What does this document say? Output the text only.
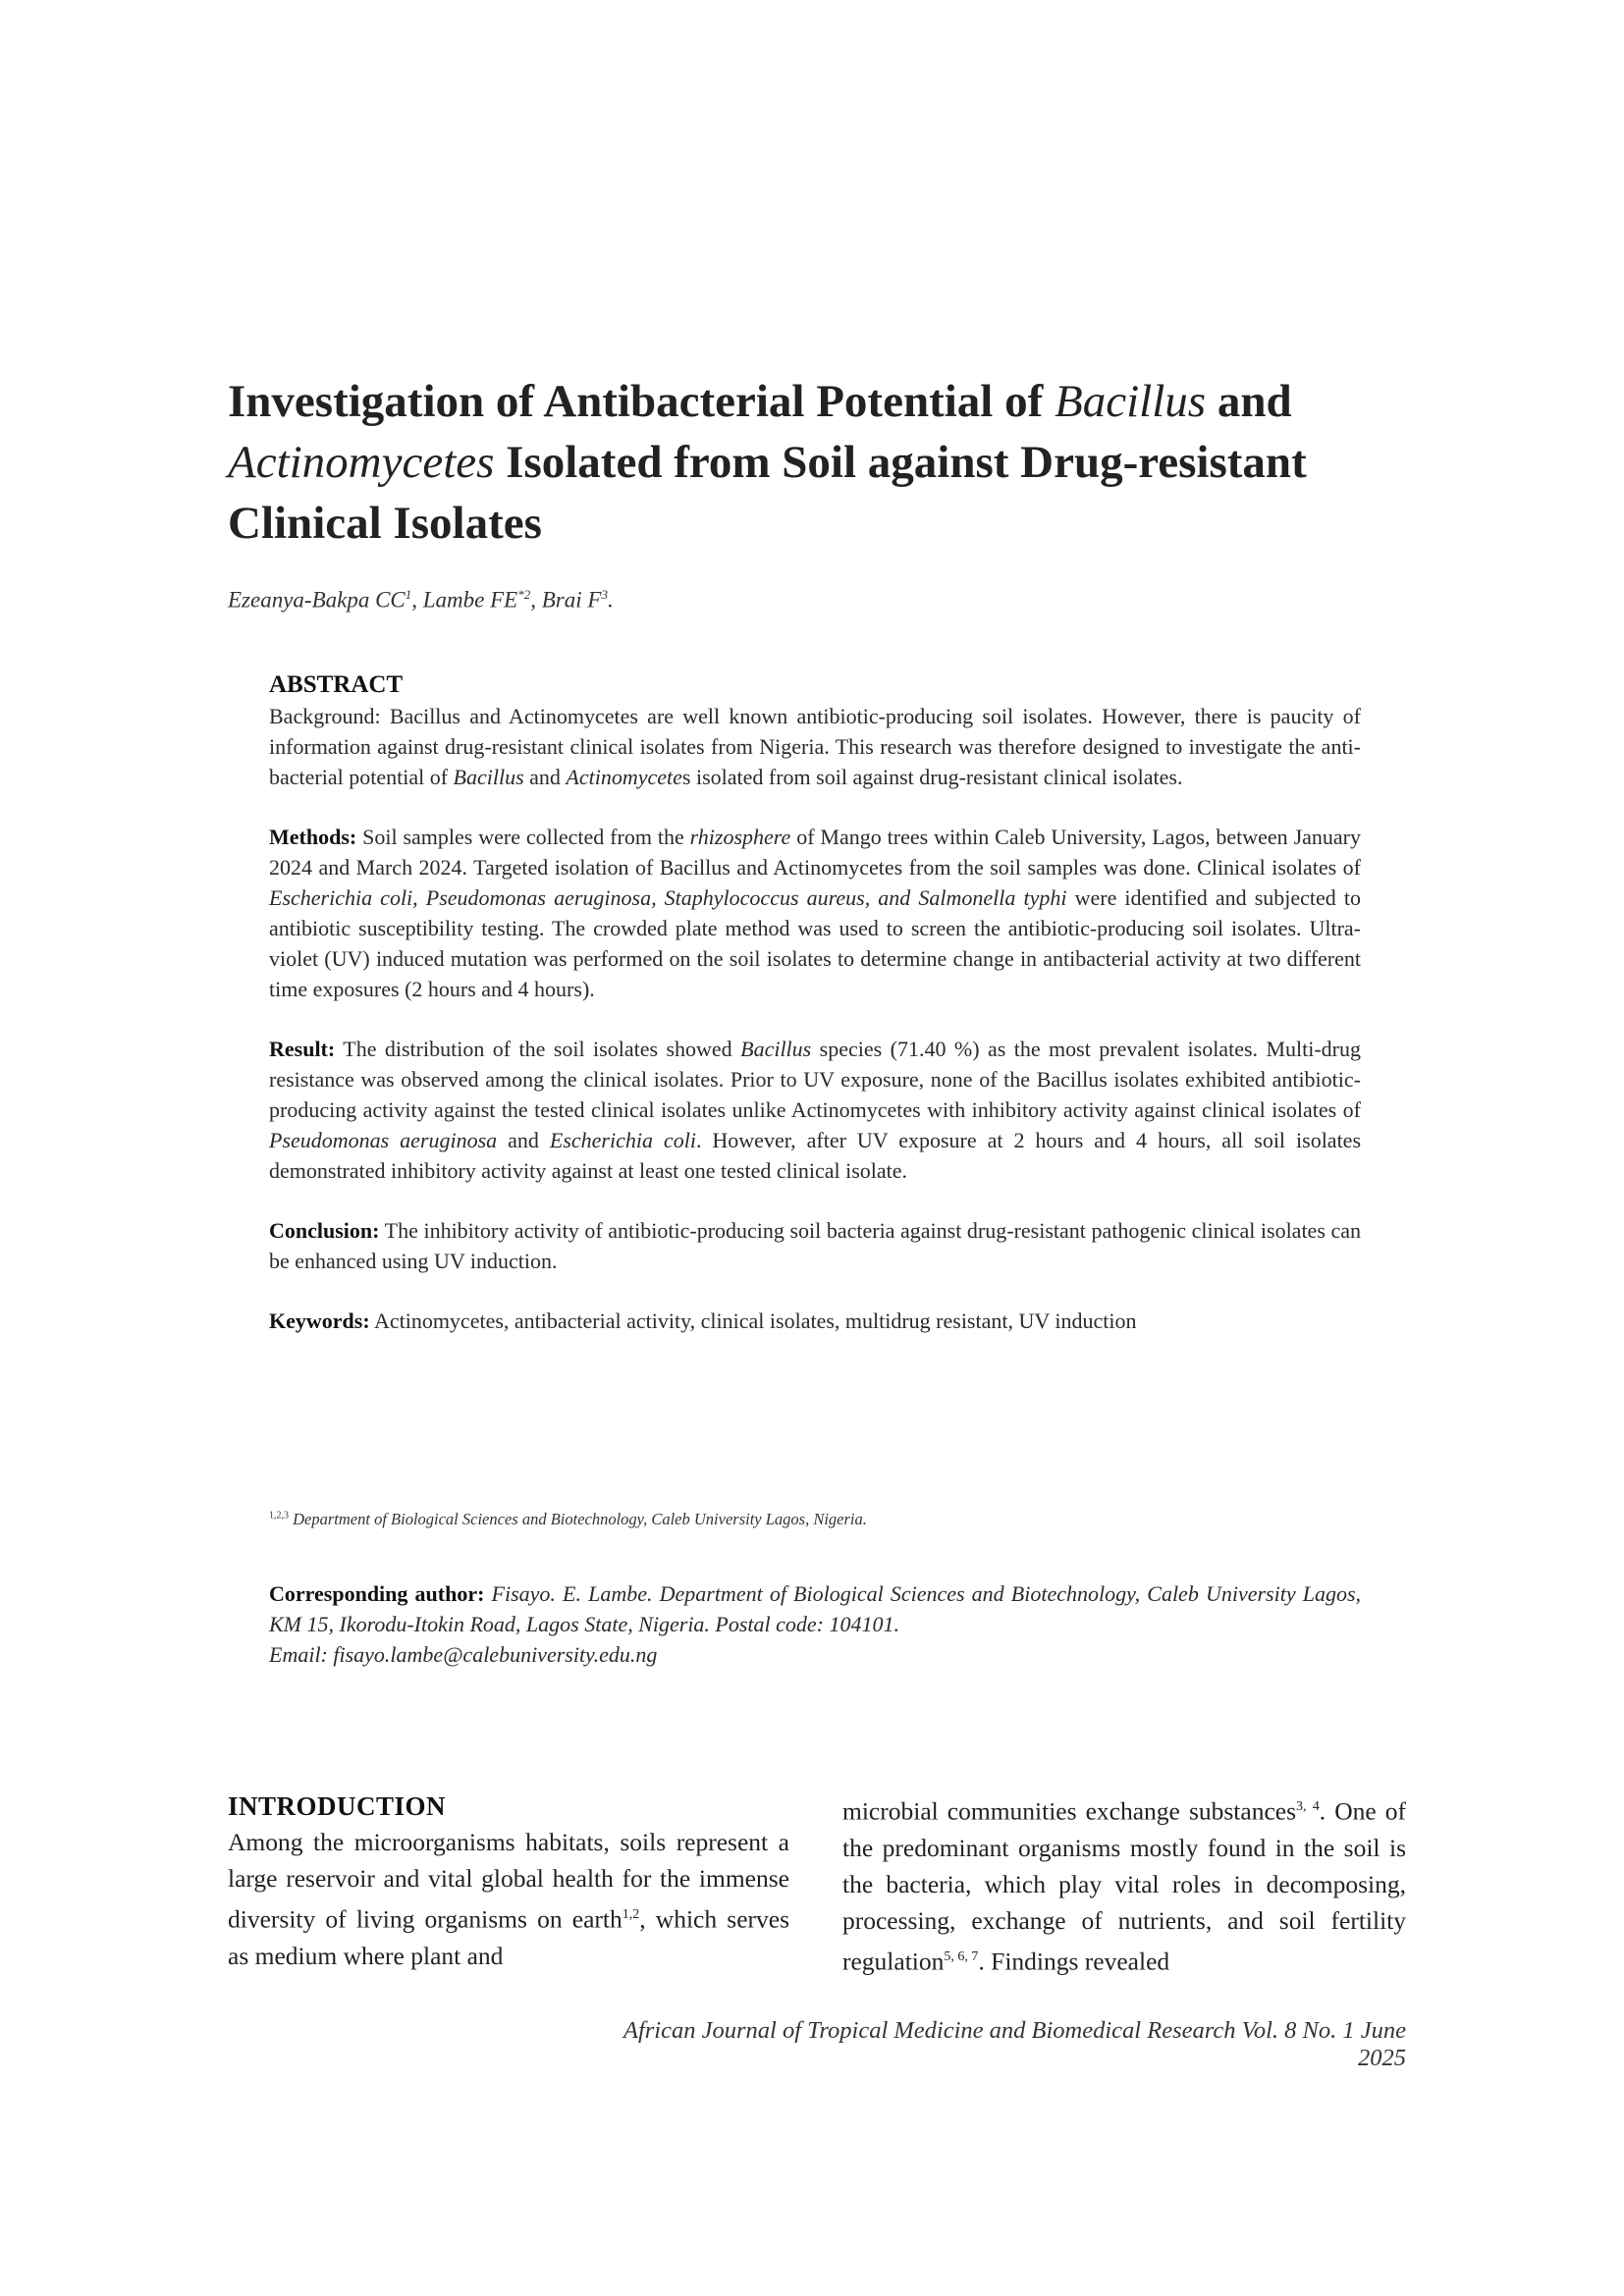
Investigation of Antibacterial Potential of Bacillus and
Actinomycetes Isolated from Soil against Drug-resistant
Clinical Isolates
Ezeanya-Bakpa $CC^1$, Lambe FE$^{*2}$, Brai $F^3$.
ABSTRACT

Background: Bacillus and Actinomycetes are well known antibiotic-producing soil isolates. However, there is paucity of information against drug-resistant clinical isolates from Nigeria. This research was therefore designed to investigate the anti-bacterial potential of Bacillus and Actinomycetes isolated from soil against drug-resistant clinical isolates.

Methods: Soil samples were collected from the rhizosphere of Mango trees within Caleb University, Lagos, between January 2024 and March 2024. Targeted isolation of Bacillus and Actinomycetes from the soil samples was done. Clinical isolates of Escherichia coli, Pseudomonas aeruginosa, Staphylococcus aureus, and Salmonella typhi were identified and subjected to antibiotic susceptibility testing. The crowded plate method was used to screen the antibiotic-producing soil isolates. Ultra-violet (UV) induced mutation was performed on the soil isolates to determine change in antibacterial activity at two different time exposures (2 hours and 4 hours).

Result: The distribution of the soil isolates showed Bacillus species (71.40 %) as the most prevalent isolates. Multi-drug resistance was observed among the clinical isolates. Prior to UV exposure, none of the Bacillus isolates exhibited antibiotic- producing activity against the tested clinical isolates unlike Actinomycetes with inhibitory activity against clinical isolates of Pseudomonas aeruginosa and Escherichia coli. However, after UV exposure at 2 hours and 4 hours, all soil isolates demonstrated inhibitory activity against at least one tested clinical isolate.

Conclusion: The inhibitory activity of antibiotic-producing soil bacteria against drug-resistant pathogenic clinical isolates can be enhanced using UV induction.

Keywords: Actinomycetes, antibacterial activity, clinical isolates, multidrug resistant, UV induction

$^{1,2,3}$ Department of Biological Sciences and Biotechnology, Caleb University Lagos, Nigeria.
Corresponding author: Fisayo. E. Lambe. Department of Biological Sciences and Biotechnology, Caleb University Lagos, KM 15, Ikorodu-Itokin Road, Lagos State, Nigeria. Postal code: 104101.
Email: fisayo.lambe@calebuniversity.edu.ng
INTRODUCTION

Among the microorganisms habitats, soils represent a large reservoir and vital global health for the immense diversity of living organisms on earth$^{1,2}$, which serves as medium where plant and

microbial communities exchange substances$^{3, 4}$. One of the predominant organisms mostly found in the soil is the bacteria, which play vital roles in decomposing, processing, exchange of nutrients, and soil fertility regulation$^{5, 6, 7}$. Findings revealed

African Journal of Tropical Medicine and Biomedical Research Vol. 8 No. 1 June 2025
